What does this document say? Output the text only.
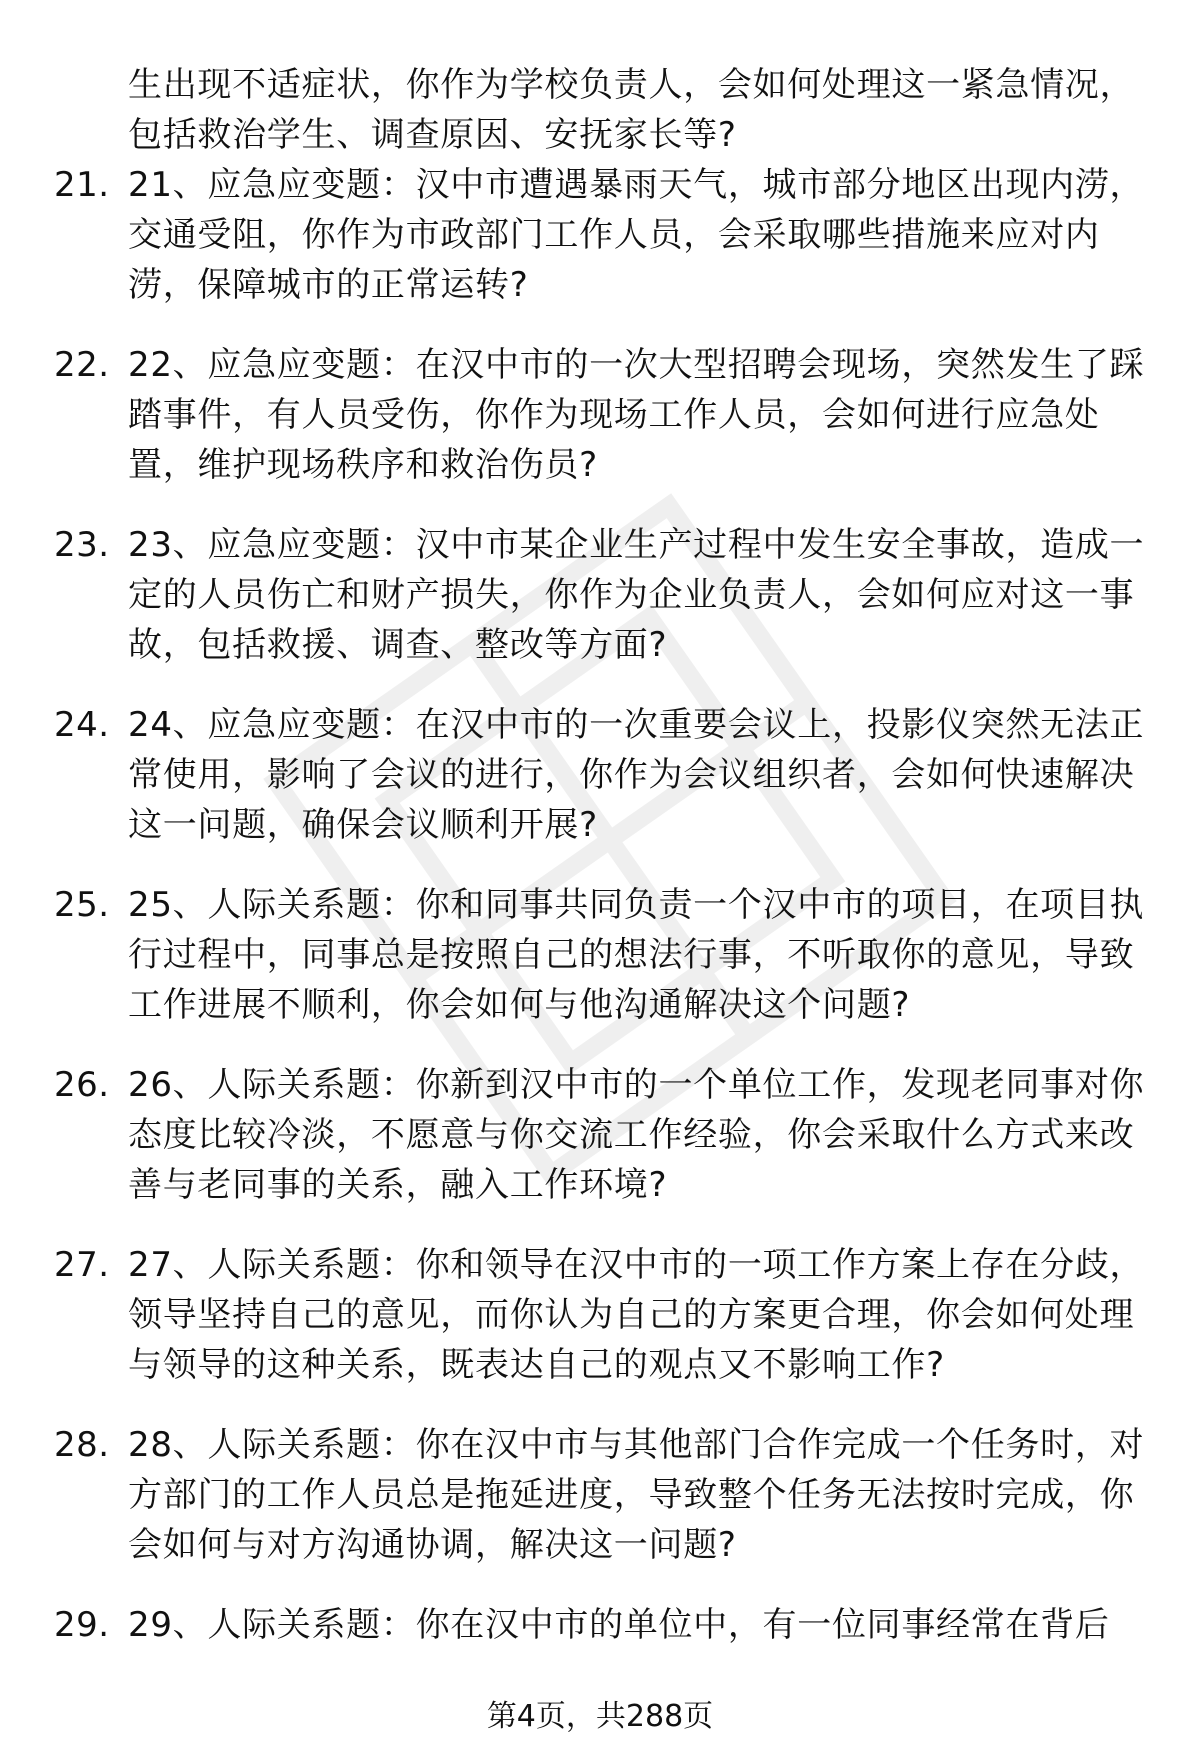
生出现不适症状，你作为学校负责人，会如何处理这一紧急情况，包括救治学生、调查原因、安抚家长等?
21. 21、应急应变题：汉中市遭遇暴雨天气，城市部分地区出现内涝，交通受阻，你作为市政部门工作人员，会采取哪些措施来应对内涝，保障城市的正常运转?
22. 22、应急应变题：在汉中市的一次大型招聘会现场，突然发生了踩踏事件，有人员受伤，你作为现场工作人员，会如何进行应急处置，维护现场秩序和救治伤员?
23. 23、应急应变题：汉中市某企业生产过程中发生安全事故，造成一定的人员伤亡和财产损失，你作为企业负责人，会如何应对这一事故，包括救援、调查、整改等方面?
24. 24、应急应变题：在汉中市的一次重要会议上，投影仪突然无法正常使用，影响了会议的进行，你作为会议组织者，会如何快速解决这一问题，确保会议顺利开展?
25. 25、人际关系题：你和同事共同负责一个汉中市的项目，在项目执行过程中，同事总是按照自己的想法行事，不听取你的意见，导致工作进展不顺利，你会如何与他沟通解决这个问题?
26. 26、人际关系题：你新到汉中市的一个单位工作，发现老同事对你态度比较冷淡，不愿意与你交流工作经验，你会采取什么方式来改善与老同事的关系，融入工作环境?
27. 27、人际关系题：你和领导在汉中市的一项工作方案上存在分歧，领导坚持自己的意见，而你认为自己的方案更合理，你会如何处理与领导的这种关系，既表达自己的观点又不影响工作?
28. 28、人际关系题：你在汉中市与其他部门合作完成一个任务时，对方部门的工作人员总是拖延进度，导致整个任务无法按时完成，你会如何与对方沟通协调，解决这一问题?
29. 29、人际关系题：你在汉中市的单位中，有一位同事经常在背后
第4页，共288页
